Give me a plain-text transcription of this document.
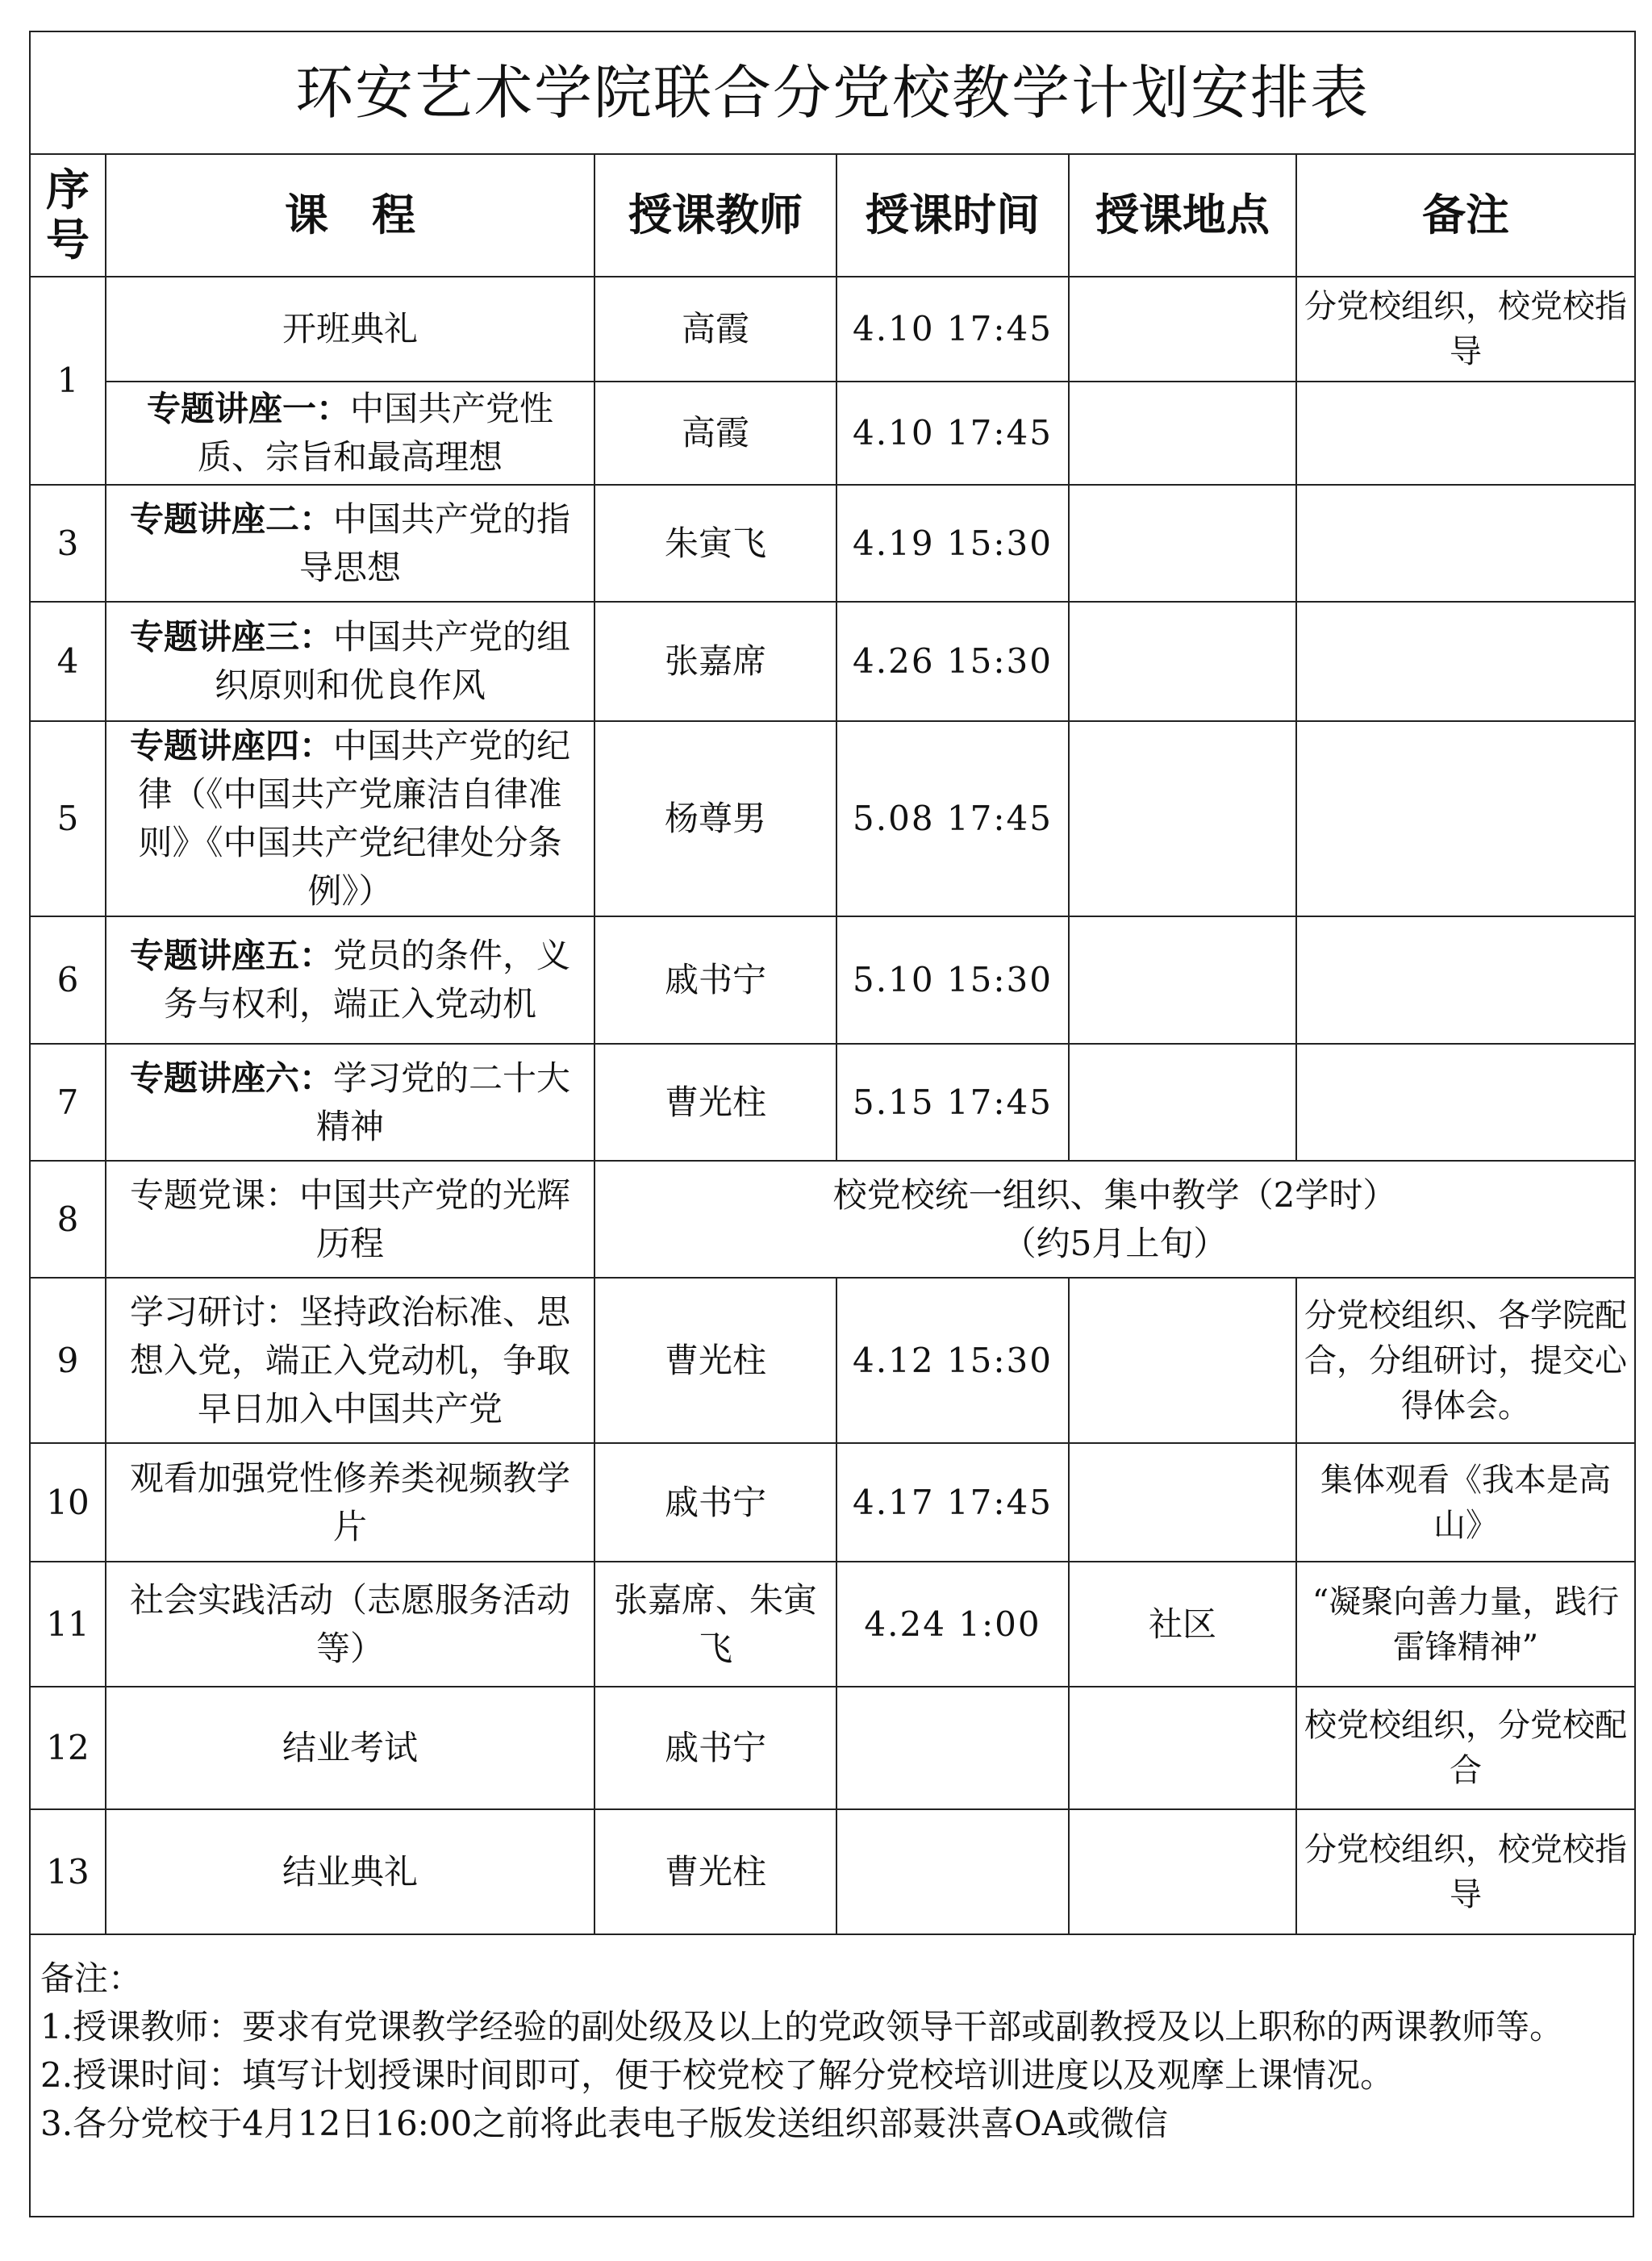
环安艺术学院联合分党校教学计划安排表					
序号	课　程	授课教师	授课时间	授课地点	备注
1	开班典礼	高霞	4.10 17:45		分党校组织，校党校指导
	专题讲座一：中国共产党性质、宗旨和最高理想	高霞	4.10 17:45		
3	专题讲座二：中国共产党的指导思想	朱寅飞	4.19 15:30		
4	专题讲座三：中国共产党的组织原则和优良作风	张嘉席	4.26 15:30		
5	专题讲座四：中国共产党的纪律（《中国共产党廉洁自律准则》《中国共产党纪律处分条例》）	杨尊男	5.08 17:45		
6	专题讲座五：党员的条件，义务与权利，端正入党动机	戚书宁	5.10 15:30		
7	专题讲座六：学习党的二十大精神	曹光柱	5.15 17:45		
8	专题党课：中国共产党的光辉历程	校党校统一组织、集中教学（2学时）
（约5月上旬）			

9	学习研讨：坚持政治标准、思想入党，端正入党动机，争取早日加入中国共产党	曹光柱	4.12 15:30		分党校组织、各学院配合，分组研讨，提交心得体会。
10	观看加强党性修养类视频教学片	戚书宁	4.17 17:45		集体观看《我本是高山》
11	社会实践活动（志愿服务活动等）	张嘉席、朱寅飞	4.24 1:00	社区	“凝聚向善力量，践行雷锋精神”
12	结业考试	戚书宁			校党校组织，分党校配合
13	结业典礼	曹光柱			分党校组织，校党校指导
备注：
1.授课教师：要求有党课教学经验的副处级及以上的党政领导干部或副教授及以上职称的两课教师等。
2.授课时间：填写计划授课时间即可，便于校党校了解分党校培训进度以及观摩上课情况。
3.各分党校于4月12日16:00之前将此表电子版发送组织部聂洪喜OA或微信
